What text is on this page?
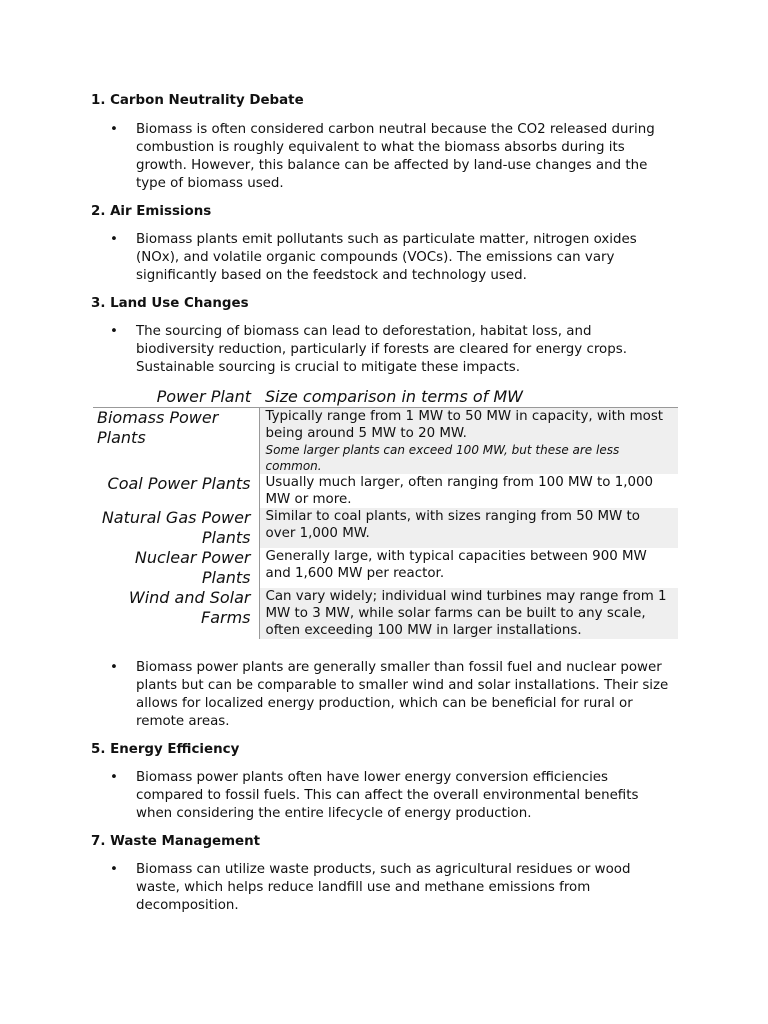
1. Carbon Neutrality Debate

• Biomass is often considered carbon neutral because the CO2 released during combustion is roughly equivalent to what the biomass absorbs during its growth. However, this balance can be affected by land-use changes and the type of biomass used.

2. Air Emissions

• Biomass plants emit pollutants such as particulate matter, nitrogen oxides (NOx), and volatile organic compounds (VOCs). The emissions can vary significantly based on the feedstock and technology used.

3. Land Use Changes

• The sourcing of biomass can lead to deforestation, habitat loss, and biodiversity reduction, particularly if forests are cleared for energy crops. Sustainable sourcing is crucial to mitigate these impacts.

Power Plant	Size comparison in terms of MW
Biomass Power Plants	Typically range from 1 MW to 50 MW in capacity, with most being around 5 MW to 20 MW.
Some larger plants can exceed 100 MW, but these are less common.

Coal Power Plants	Usually much larger, often ranging from 100 MW to 1,000 MW or more.
Natural Gas Power Plants	Similar to coal plants, with sizes ranging from 50 MW to over 1,000 MW.
Nuclear Power Plants	Generally large, with typical capacities between 900 MW and 1,600 MW per reactor.
Wind and Solar Farms	Can vary widely; individual wind turbines may range from 1 MW to 3 MW, while solar farms can be built to any scale, often exceeding 100 MW in larger installations.

• Biomass power plants are generally smaller than fossil fuel and nuclear power plants but can be comparable to smaller wind and solar installations. Their size allows for localized energy production, which can be beneficial for rural or remote areas.

5. Energy Efficiency

• Biomass power plants often have lower energy conversion efficiencies compared to fossil fuels. This can affect the overall environmental benefits when considering the entire lifecycle of energy production.

7. Waste Management

• Biomass can utilize waste products, such as agricultural residues or wood waste, which helps reduce landfill use and methane emissions from decomposition.
